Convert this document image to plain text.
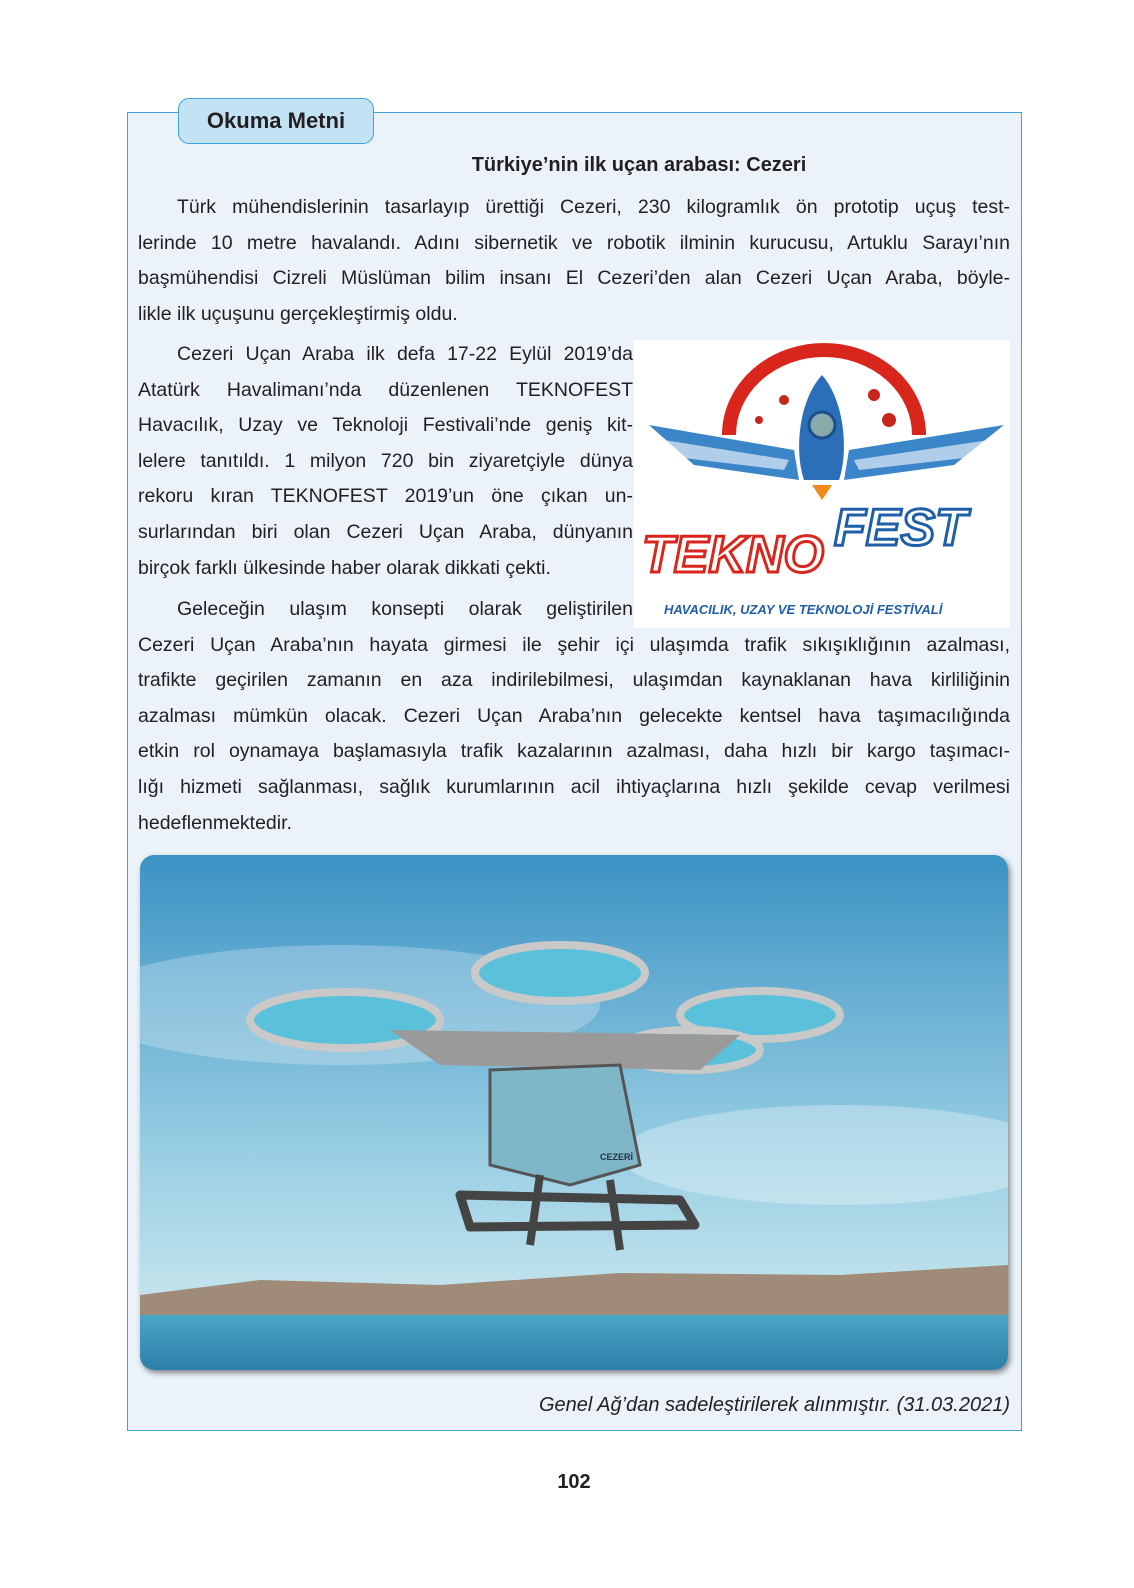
Okuma Metni
Türkiye’nin ilk uçan arabası: Cezeri
Türk mühendislerinin tasarlayıp ürettiği Cezeri, 230 kilogramlık ön prototip uçuş test-
lerinde 10 metre havalandı. Adını sibernetik ve robotik ilminin kurucusu, Artuklu Sarayı’nın
başmühendisi Cizreli Müslüman bilim insanı El Cezeri’den alan Cezeri Uçan Araba, böyle-
likle ilk uçuşunu gerçekleştirmiş oldu.
Cezeri Uçan Araba ilk defa 17-22 Eylül 2019’da
Atatürk Havalimanı’nda düzenlenen TEKNOFEST
Havacılık, Uzay ve Teknoloji Festivali’nde geniş kit-
lelere tanıtıldı. 1 milyon 720 bin ziyaretçiyle dünya
rekoru kıran TEKNOFEST 2019’un öne çıkan un-
surlarından biri olan Cezeri Uçan Araba, dünyanın
birçok farklı ülkesinde haber olarak dikkati çekti.
Geleceğin ulaşım konsepti olarak geliştirilen
Cezeri Uçan Araba’nın hayata girmesi ile şehir içi ulaşımda trafik sıkışıklığının azalması,
trafikte geçirilen zamanın en aza indirilebilmesi, ulaşımdan kaynaklanan hava kirliliğinin
azalması mümkün olacak. Cezeri Uçan Araba’nın gelecekte kentsel hava taşımacılığında
etkin rol oynamaya başlamasıyla trafik kazalarının azalması, daha hızlı bir kargo taşımacı-
lığı hizmeti sağlanması, sağlık kurumlarının acil ihtiyaçlarına hızlı şekilde cevap verilmesi
hedeflenmektedir.
TEKNO FEST
HAVACILIK, UZAY VE TEKNOLOJİ FESTİVALİ
CEZERİ
Genel Ağ’dan sadeleştirilerek alınmıştır. (31.03.2021)
102
